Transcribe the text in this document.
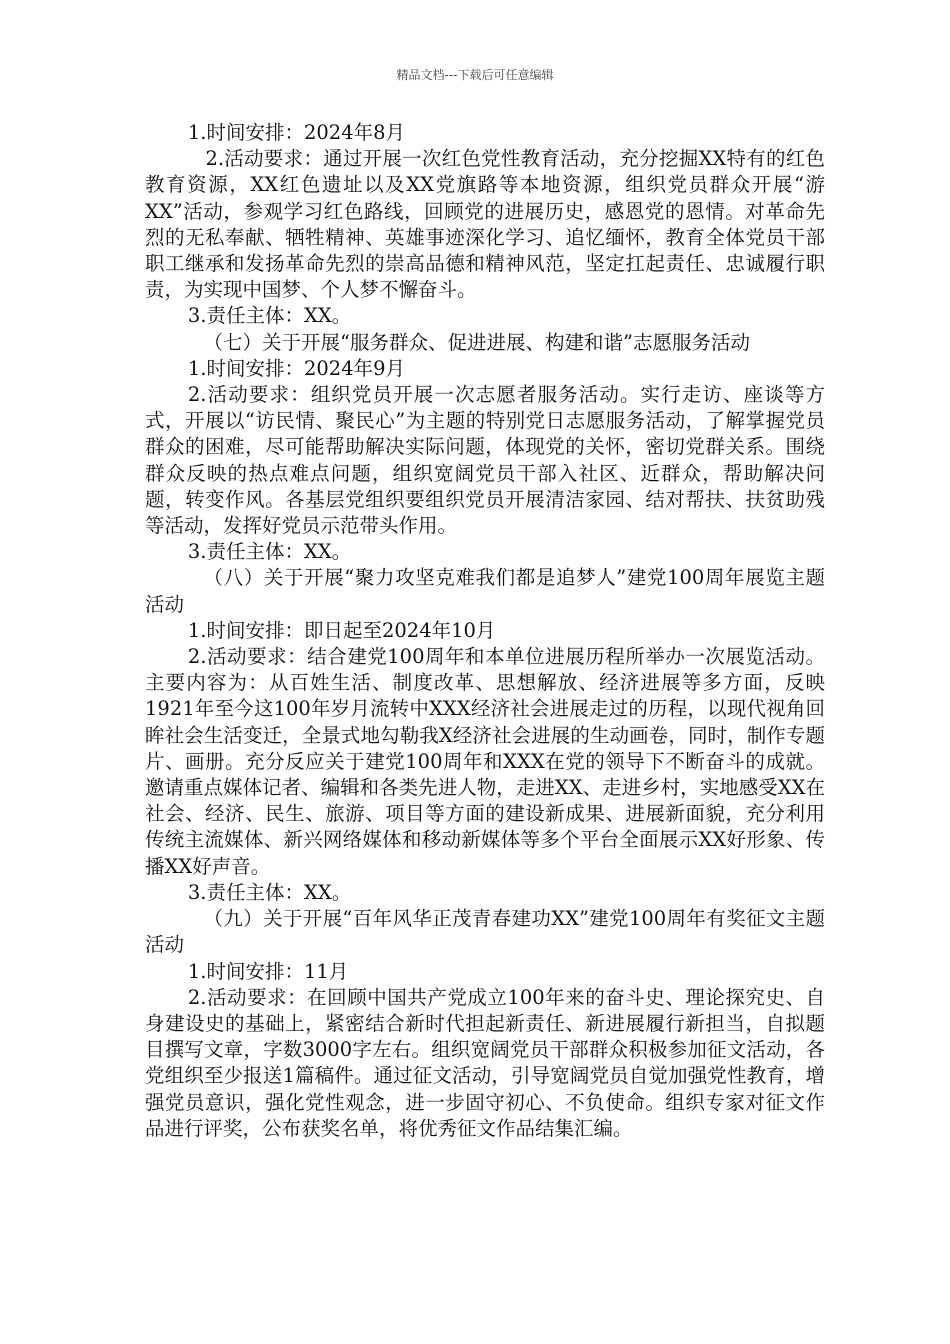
精品文档---下载后可任意编辑

1.时间安排：2024年8月

2.活动要求：通过开展一次红色党性教育活动，充分挖掘XX特有的红色教育资源，XX红色遗址以及XX党旗路等本地资源，组织党员群众开展“游XX”活动，参观学习红色路线，回顾党的进展历史，感恩党的恩情。对革命先烈的无私奉献、牺牲精神、英雄事迹深化学习、追忆缅怀，教育全体党员干部职工继承和发扬革命先烈的崇高品德和精神风范，坚定扛起责任、忠诚履行职责，为实现中国梦、个人梦不懈奋斗。

3.责任主体：XX。

（七）关于开展“服务群众、促进进展、构建和谐”志愿服务活动

1.时间安排：2024年9月

2.活动要求：组织党员开展一次志愿者服务活动。实行走访、座谈等方式，开展以“访民情、聚民心”为主题的特别党日志愿服务活动，了解掌握党员群众的困难，尽可能帮助解决实际问题，体现党的关怀，密切党群关系。围绕群众反映的热点难点问题，组织宽阔党员干部入社区、近群众，帮助解决问题，转变作风。各基层党组织要组织党员开展清洁家园、结对帮扶、扶贫助残等活动，发挥好党员示范带头作用。

3.责任主体：XX。

（八）关于开展“聚力攻坚克难我们都是追梦人”建党100周年展览主题活动

1.时间安排：即日起至2024年10月

2.活动要求：结合建党100周年和本单位进展历程所举办一次展览活动。主要内容为：从百姓生活、制度改革、思想解放、经济进展等多方面，反映1921年至今这100年岁月流转中XXX经济社会进展走过的历程，以现代视角回眸社会生活变迁，全景式地勾勒我X经济社会进展的生动画卷，同时，制作专题片、画册。充分反应关于建党100周年和XXX在党的领导下不断奋斗的成就。邀请重点媒体记者、编辑和各类先进人物，走进XX、走进乡村，实地感受XX在社会、经济、民生、旅游、项目等方面的建设新成果、进展新面貌，充分利用传统主流媒体、新兴网络媒体和移动新媒体等多个平台全面展示XX好形象、传播XX好声音。

3.责任主体：XX。

（九）关于开展“百年风华正茂青春建功XX”建党100周年有奖征文主题活动

1.时间安排：11月

2.活动要求：在回顾中国共产党成立100年来的奋斗史、理论探究史、自身建设史的基础上，紧密结合新时代担起新责任、新进展履行新担当，自拟题目撰写文章，字数3000字左右。组织宽阔党员干部群众积极参加征文活动，各党组织至少报送1篇稿件。通过征文活动，引导宽阔党员自觉加强党性教育，增强党员意识，强化党性观念，进一步固守初心、不负使命。组织专家对征文作品进行评奖，公布获奖名单，将优秀征文作品结集汇编。
